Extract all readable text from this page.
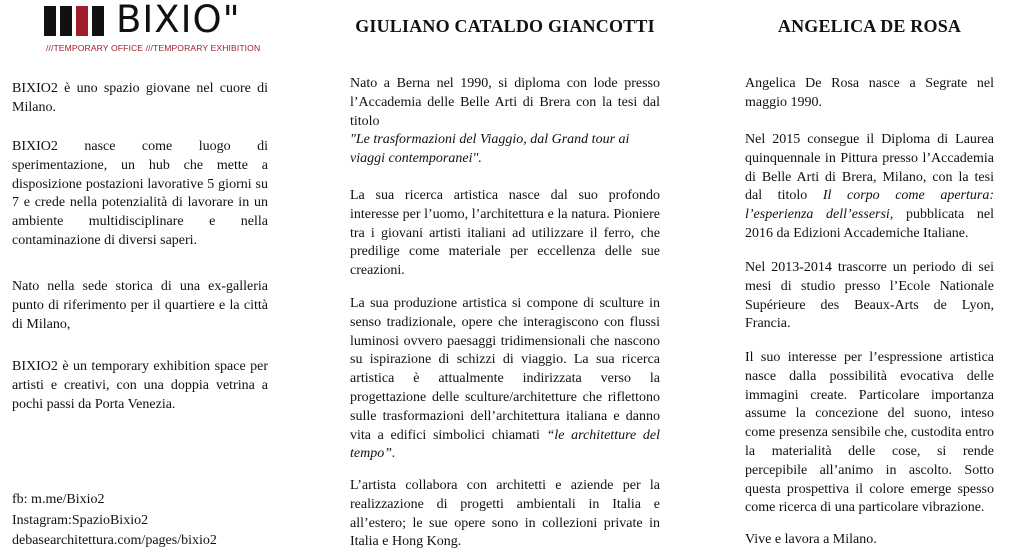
BIXIO"
///TEMPORARY OFFICE ///TEMPORARY EXHIBITION
GIULIANO CATALDO GIANCOTTI	ANGELICA DE ROSA

BIXIO2 è uno spazio giovane nel cuore di Milano.

BIXIO2 nasce come luogo di sperimentazione, un hub che mette a disposizione postazioni lavorative 5 giorni su 7 e crede nella potenzialità di lavorare in un ambiente multidisciplinare e nella contaminazione di diversi saperi.

Nato nella sede storica di una ex-galleria punto di riferimento per il quartiere e la città di Milano,

BIXIO2 è un temporary exhibition space per artisti e creativi, con una doppia vetrina a pochi passi da Porta Venezia.

fb: m.me/Bixio2
Instagram:SpazioBixio2
debasearchitettura.com/pages/bixio2

Nato a Berna nel 1990, si diploma con lode presso l’Accademia delle Belle Arti di Brera con la tesi dal titolo

"Le trasformazioni del Viaggio, dal Grand tour ai viaggi contemporanei".

La sua ricerca artistica nasce dal suo profondo interesse per l’uomo, l’architettura e la natura. Pioniere tra i giovani artisti italiani ad utilizzare il ferro, che predilige come materiale per eccellenza delle sue creazioni.

La sua produzione artistica si compone di sculture in senso tradizionale, opere che interagiscono con flussi luminosi ovvero paesaggi tridimensionali che nascono su ispirazione di schizzi di viaggio. La sua ricerca artistica è attualmente indirizzata verso la progettazione delle sculture/architetture che riflettono sulle trasformazioni dell’architettura italiana e danno vita a edifici simbolici chiamati “le architetture del tempo”.

L’artista collabora con architetti e aziende per la realizzazione di progetti ambientali in Italia e all’estero; le sue opere sono in collezioni private in Italia e Hong Kong.

Angelica De Rosa nasce a Segrate nel maggio 1990.

Nel 2015 consegue il Diploma di Laurea quinquennale in Pittura presso l’Accademia di Belle Arti di Brera, Milano, con la tesi dal titolo Il corpo come apertura: l’esperienza dell’essersi, pubblicata nel 2016 da Edizioni Accademiche Italiane.

Nel 2013-2014 trascorre un periodo di sei mesi di studio presso l’Ecole Nationale Supérieure des Beaux-Arts de Lyon, Francia.

Il suo interesse per l’espressione artistica nasce dalla possibilità evocativa delle immagini create. Particolare importanza assume la concezione del suono, inteso come presenza sensibile che, custodita entro la materialità delle cose, si rende percepibile all’animo in ascolto. Sotto questa prospettiva il colore emerge spesso come ricerca di una particolare vibrazione.

Vive e lavora a Milano.
